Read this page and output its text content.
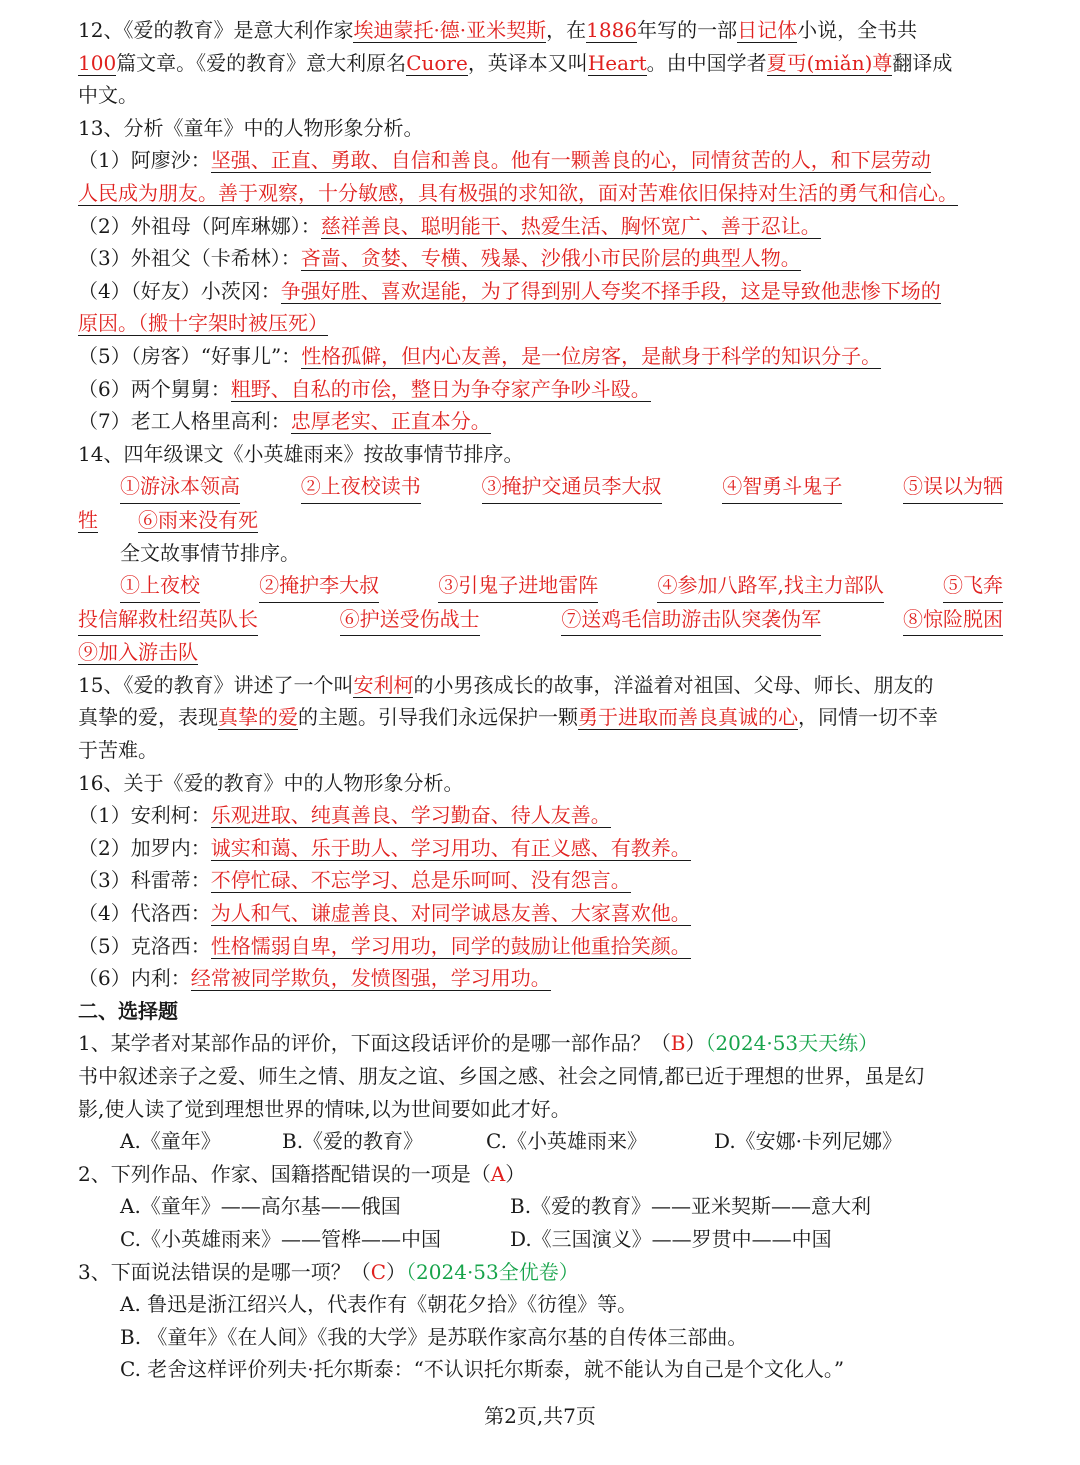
12、《爱的教育》是意大利作家埃迪蒙托·德·亚米契斯，在1886年写的一部日记体小说，全书共
100篇文章。《爱的教育》意大利原名Cuore，英译本又叫Heart。由中国学者夏丏(miǎn)尊翻译成
中文。
13、分析《童年》中的人物形象分析。
（1）阿廖沙：坚强、正直、勇敢、自信和善良。他有一颗善良的心，同情贫苦的人，和下层劳动
人民成为朋友。善于观察，十分敏感，具有极强的求知欲，面对苦难依旧保持对生活的勇气和信心。
（2）外祖母（阿库琳娜）：慈祥善良、聪明能干、热爱生活、胸怀宽广、善于忍让。
（3）外祖父（卡希林）：吝啬、贪婪、专横、残暴、沙俄小市民阶层的典型人物。
（4）（好友）小茨冈：争强好胜、喜欢逞能，为了得到别人夸奖不择手段，这是导致他悲惨下场的
原因。（搬十字架时被压死）
（5）（房客）“好事儿”：性格孤僻，但内心友善，是一位房客，是献身于科学的知识分子。
（6）两个舅舅：粗野、自私的市侩，整日为争夺家产争吵斗殴。
（7）老工人格里高利：忠厚老实、正直本分。
14、四年级课文《小英雄雨来》按故事情节排序。
①游泳本领高	②上夜校读书	③掩护交通员李大叔	④智勇斗鬼子	⑤误以为牺
牲 ⑥雨来没有死
全文故事情节排序。
①上夜校	②掩护李大叔	③引鬼子进地雷阵	④参加八路军,找主力部队	⑤飞奔
投信解救杜绍英队长	⑥护送受伤战士	⑦送鸡毛信助游击队突袭伪军	⑧惊险脱困
⑨加入游击队
15、《爱的教育》讲述了一个叫安利柯的小男孩成长的故事，洋溢着对祖国、父母、师长、朋友的
真挚的爱，表现真挚的爱的主题。引导我们永远保护一颗勇于进取而善良真诚的心，同情一切不幸
于苦难。
16、关于《爱的教育》中的人物形象分析。
（1）安利柯：乐观进取、纯真善良、学习勤奋、待人友善。
（2）加罗内：诚实和蔼、乐于助人、学习用功、有正义感、有教养。
（3）科雷蒂：不停忙碌、不忘学习、总是乐呵呵、没有怨言。
（4）代洛西：为人和气、谦虚善良、对同学诚恳友善、大家喜欢他。
（5）克洛西：性格懦弱自卑，学习用功，同学的鼓励让他重拾笑颜。
（6）内利：经常被同学欺负，发愤图强，学习用功。
二、选择题
1、某学者对某部作品的评价，下面这段话评价的是哪一部作品？（B）（2024·53天天练）
书中叙述亲子之爱、师生之情、朋友之谊、乡国之感、社会之同情,都已近于理想的世界，虽是幻
影,使人读了觉到理想世界的情味,以为世间要如此才好。
A.《童年》	B.《爱的教育》	C.《小英雄雨来》	D.《安娜·卡列尼娜》
2、下列作品、作家、国籍搭配错误的一项是（A）
A.《童年》——高尔基——俄国	B.《爱的教育》——亚米契斯——意大利
C.《小英雄雨来》——管桦——中国	D.《三国演义》——罗贯中——中国
3、下面说法错误的是哪一项？（C）（2024·53全优卷）
A. 鲁迅是浙江绍兴人，代表作有《朝花夕拾》《彷徨》等。
B. 《童年》《在人间》《我的大学》是苏联作家高尔基的自传体三部曲。
C. 老舍这样评价列夫·托尔斯泰：“不认识托尔斯泰，就不能认为自己是个文化人。”
第2页,共7页
